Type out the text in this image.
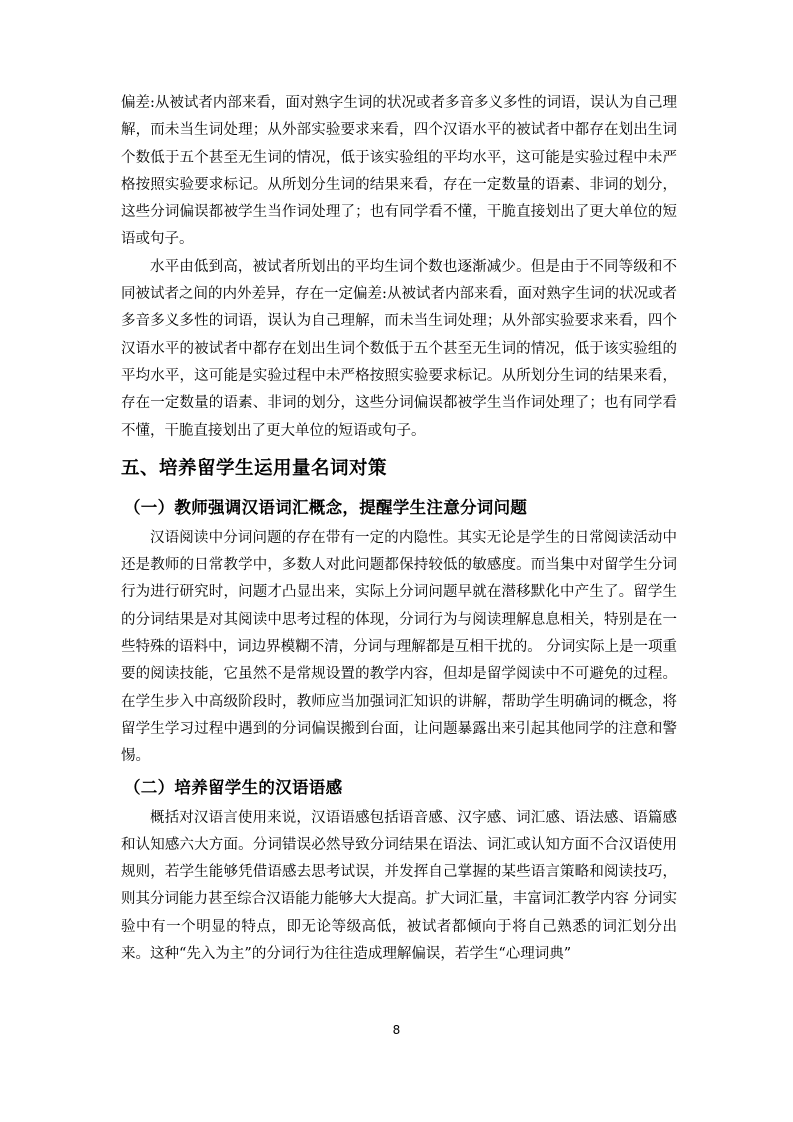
偏差:从被试者内部来看，面对熟字生词的状况或者多音多义多性的词语，误认为自己理解，而未当生词处理；从外部实验要求来看，四个汉语水平的被试者中都存在划出生词个数低于五个甚至无生词的情况，低于该实验组的平均水平，这可能是实验过程中未严格按照实验要求标记。从所划分生词的结果来看，存在一定数量的语素、非词的划分，这些分词偏误都被学生当作词处理了；也有同学看不懂，干脆直接划出了更大单位的短语或句子。

水平由低到高，被试者所划出的平均生词个数也逐渐减少。但是由于不同等级和不同被试者之间的内外差异，存在一定偏差:从被试者内部来看，面对熟字生词的状况或者多音多义多性的词语，误认为自己理解，而未当生词处理；从外部实验要求来看，四个汉语水平的被试者中都存在划出生词个数低于五个甚至无生词的情况，低于该实验组的平均水平，这可能是实验过程中未严格按照实验要求标记。从所划分生词的结果来看，存在一定数量的语素、非词的划分，这些分词偏误都被学生当作词处理了；也有同学看不懂，干脆直接划出了更大单位的短语或句子。

五、培养留学生运用量名词对策
（一）教师强调汉语词汇概念，提醒学生注意分词问题

汉语阅读中分词问题的存在带有一定的内隐性。其实无论是学生的日常阅读活动中还是教师的日常教学中，多数人对此问题都保持较低的敏感度。而当集中对留学生分词行为进行研究时，问题才凸显出来，实际上分词问题早就在潜移默化中产生了。留学生的分词结果是对其阅读中思考过程的体现，分词行为与阅读理解息息相关，特别是在一些特殊的语料中，词边界模糊不清，分词与理解都是互相干扰的。 分词实际上是一项重要的阅读技能，它虽然不是常规设置的教学内容，但却是留学阅读中不可避免的过程。在学生步入中高级阶段时，教师应当加强词汇知识的讲解，帮助学生明确词的概念，将留学生学习过程中遇到的分词偏误搬到台面，让问题暴露出来引起其他同学的注意和警惕。

（二）培养留学生的汉语语感

概括对汉语言使用来说，汉语语感包括语音感、汉字感、词汇感、语法感、语篇感和认知感六大方面。分词错误必然导致分词结果在语法、词汇或认知方面不合汉语使用规则，若学生能够凭借语感去思考试误，并发挥自己掌握的某些语言策略和阅读技巧，则其分词能力甚至综合汉语能力能够大大提高。扩大词汇量，丰富词汇教学内容 分词实验中有一个明显的特点，即无论等级高低，被试者都倾向于将自己熟悉的词汇划分出来。这种“先入为主”的分词行为往往造成理解偏误，若学生“心理词典”

8
